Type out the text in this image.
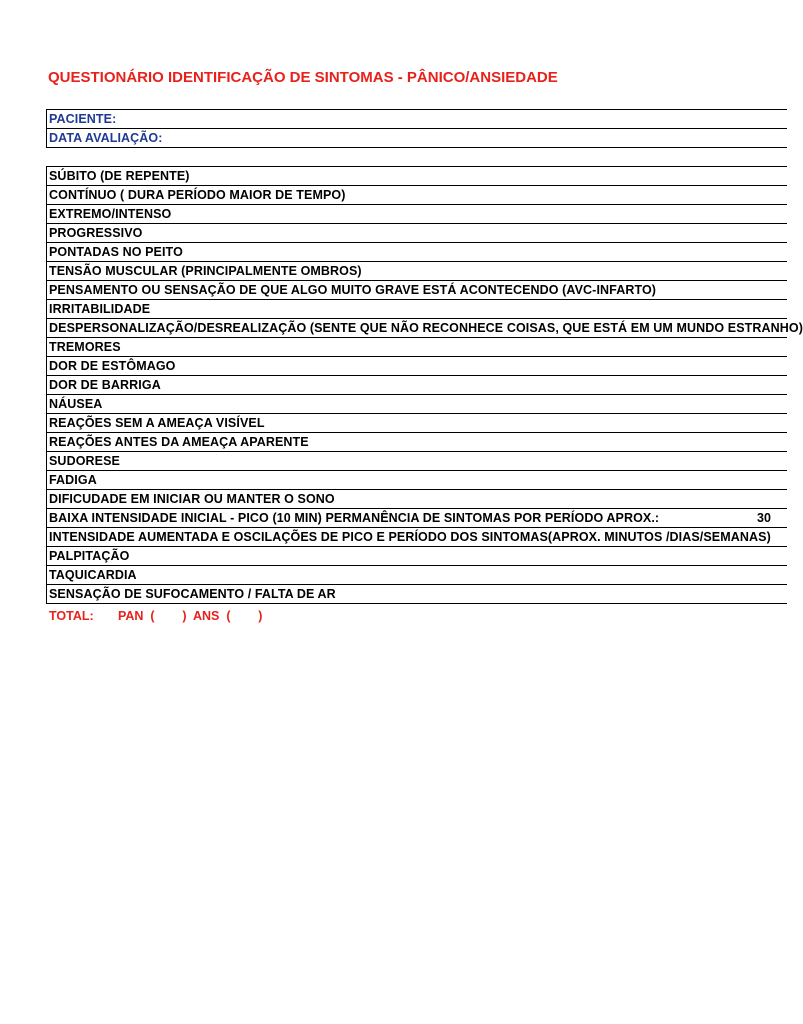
QUESTIONÁRIO IDENTIFICAÇÃO DE SINTOMAS - PÂNICO/ANSIEDADE
PACIENTE:
DATA AVALIAÇÃO:
SÚBITO (DE REPENTE)
CONTÍNUO ( DURA PERÍODO MAIOR DE TEMPO)
EXTREMO/INTENSO
PROGRESSIVO
PONTADAS NO PEITO
TENSÃO MUSCULAR (PRINCIPALMENTE OMBROS)
PENSAMENTO OU SENSAÇÃO DE QUE ALGO MUITO GRAVE ESTÁ ACONTECENDO (AVC-INFARTO)
IRRITABILIDADE
DESPERSONALIZAÇÃO/DESREALIZAÇÃO (SENTE QUE NÃO RECONHECE COISAS, QUE ESTÁ EM UM MUNDO ESTRANHO)
TREMORES
DOR DE ESTÔMAGO
DOR DE BARRIGA
NÁUSEA
REAÇÕES SEM A AMEAÇA VISÍVEL
REAÇÕES ANTES DA AMEAÇA APARENTE
SUDORESE
FADIGA
DIFICUDADE EM INICIAR OU MANTER O SONO
BAIXA INTENSIDADE INICIAL - PICO (10 MIN) PERMANÊNCIA DE SINTOMAS POR PERÍODO APROX.:	30
INTENSIDADE AUMENTADA E OSCILAÇÕES DE PICO E PERÍODO DOS SINTOMAS(APROX. MINUTOS /DIAS/SEMANAS)
PALPITAÇÃO
TAQUICARDIA
SENSAÇÃO DE SUFOCAMENTO / FALTA DE AR
TOTAL: PAN  (        ) ANS  (        )
